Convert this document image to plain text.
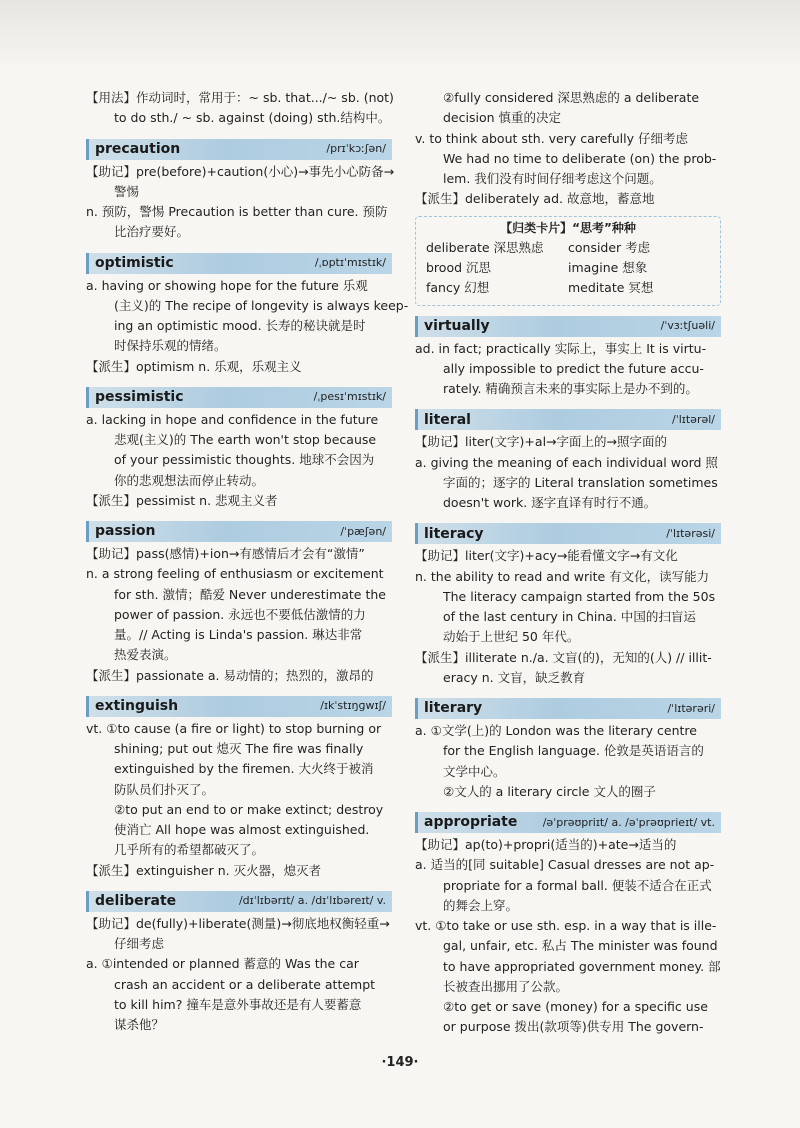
【用法】作动词时，常用于：~ sb. that.../~ sb. (not)
to do sth./ ~ sb. against (doing) sth.结构中。
precaution	/prɪˈkɔːʃən/
【助记】pre(before)+caution(小心)→事先小心防备→
警惕
n. 预防，警惕 Precaution is better than cure. 预防
比治疗要好。
optimistic	/ˌɒptɪˈmɪstɪk/
a. having or showing hope for the future 乐观
(主义)的 The recipe of longevity is always keep-
ing an optimistic mood. 长寿的秘诀就是时
时保持乐观的情绪。
【派生】optimism n. 乐观，乐观主义
pessimistic	/ˌpesɪˈmɪstɪk/
a. lacking in hope and confidence in the future
悲观(主义)的 The earth won't stop because
of your pessimistic thoughts. 地球不会因为
你的悲观想法而停止转动。
【派生】pessimist n. 悲观主义者
passion	/ˈpæʃən/
【助记】pass(感情)+ion→有感情后才会有“激情”
n. a strong feeling of enthusiasm or excitement
for sth. 激情；酷爱 Never underestimate the
power of passion. 永远也不要低估激情的力
量。// Acting is Linda's passion. 琳达非常
热爱表演。
【派生】passionate a. 易动情的；热烈的，激昂的
extinguish	/ɪkˈstɪŋɡwɪʃ/
vt. ①to cause (a fire or light) to stop burning or
shining; put out 熄灭 The fire was finally
extinguished by the firemen. 大火终于被消
防队员们扑灭了。
②to put an end to or make extinct; destroy
使消亡 All hope was almost extinguished.
几乎所有的希望都破灭了。
【派生】extinguisher n. 灭火器，熄灭者
deliberate	/dɪˈlɪbərɪt/ a. /dɪˈlɪbəreɪt/ v.
【助记】de(fully)+liberate(测量)→彻底地权衡轻重→
仔细考虑
a. ①intended or planned 蓄意的 Was the car
crash an accident or a deliberate attempt
to kill him? 撞车是意外事故还是有人要蓄意
谋杀他？
②fully considered 深思熟虑的 a deliberate
decision 慎重的决定
v. to think about sth. very carefully 仔细考虑
We had no time to deliberate (on) the prob-
lem. 我们没有时间仔细考虑这个问题。
【派生】deliberately ad. 故意地，蓄意地
【归类卡片】“思考”种种
deliberate 深思熟虑	consider 考虑
brood 沉思	imagine 想象
fancy 幻想	meditate 冥想
virtually	/ˈvɜːtʃuəli/
ad. in fact; practically 实际上，事实上 It is virtu-
ally impossible to predict the future accu-
rately. 精确预言未来的事实际上是办不到的。
literal	/ˈlɪtərəl/
【助记】liter(文字)+al→字面上的→照字面的
a. giving the meaning of each individual word 照
字面的；逐字的 Literal translation sometimes
doesn't work. 逐字直译有时行不通。
literacy	/ˈlɪtərəsi/
【助记】liter(文字)+acy→能看懂文字→有文化
n. the ability to read and write 有文化，读写能力
The literacy campaign started from the 50s
of the last century in China. 中国的扫盲运
动始于上世纪 50 年代。
【派生】illiterate n./a. 文盲(的)，无知的(人) // illit-
eracy n. 文盲，缺乏教育
literary	/ˈlɪtərəri/
a. ①文学(上)的 London was the literary centre
for the English language. 伦敦是英语语言的
文学中心。
②文人的 a literary circle 文人的圈子
appropriate /əˈprəʊpriɪt/ a. /əˈprəʊprieɪt/ vt.
【助记】ap(to)+propri(适当的)+ate→适当的
a. 适当的[同 suitable] Casual dresses are not ap-
propriate for a formal ball. 便装不适合在正式
的舞会上穿。
vt. ①to take or use sth. esp. in a way that is ille-
gal, unfair, etc. 私占 The minister was found
to have appropriated government money. 部
长被查出挪用了公款。
②to get or save (money) for a specific use
or purpose 拨出(款项等)供专用 The govern-
·149·
